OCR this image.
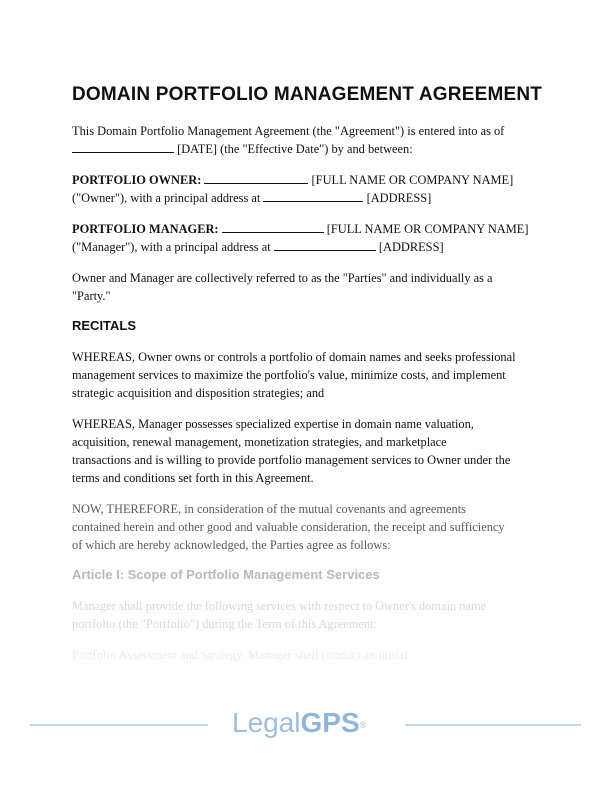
DOMAIN PORTFOLIO MANAGEMENT AGREEMENT

This Domain Portfolio Management Agreement (the "Agreement") is entered into as of
[DATE] (the "Effective Date") by and between:

PORTFOLIO OWNER:	[FULL NAME OR COMPANY NAME]
("Owner"), with a principal address at	[ADDRESS]

PORTFOLIO MANAGER:	[FULL NAME OR COMPANY NAME]
("Manager"), with a principal address at	[ADDRESS]

Owner and Manager are collectively referred to as the "Parties" and individually as a
"Party."

RECITALS

WHEREAS, Owner owns or controls a portfolio of domain names and seeks professional
management services to maximize the portfolio's value, minimize costs, and implement
strategic acquisition and disposition strategies; and

WHEREAS, Manager possesses specialized expertise in domain name valuation,
acquisition, renewal management, monetization strategies, and marketplace
transactions and is willing to provide portfolio management services to Owner under the
terms and conditions set forth in this Agreement.

NOW, THEREFORE, in consideration of the mutual covenants and agreements
contained herein and other good and valuable consideration, the receipt and sufficiency
of which are hereby acknowledged, the Parties agree as follows:

Article I: Scope of Portfolio Management Services

Manager shall provide the following services with respect to Owner's domain name
portfolio (the "Portfolio") during the Term of this Agreement:

Portfolio Assessment and Strategy. Manager shall conduct an initial

LegalGPS®
